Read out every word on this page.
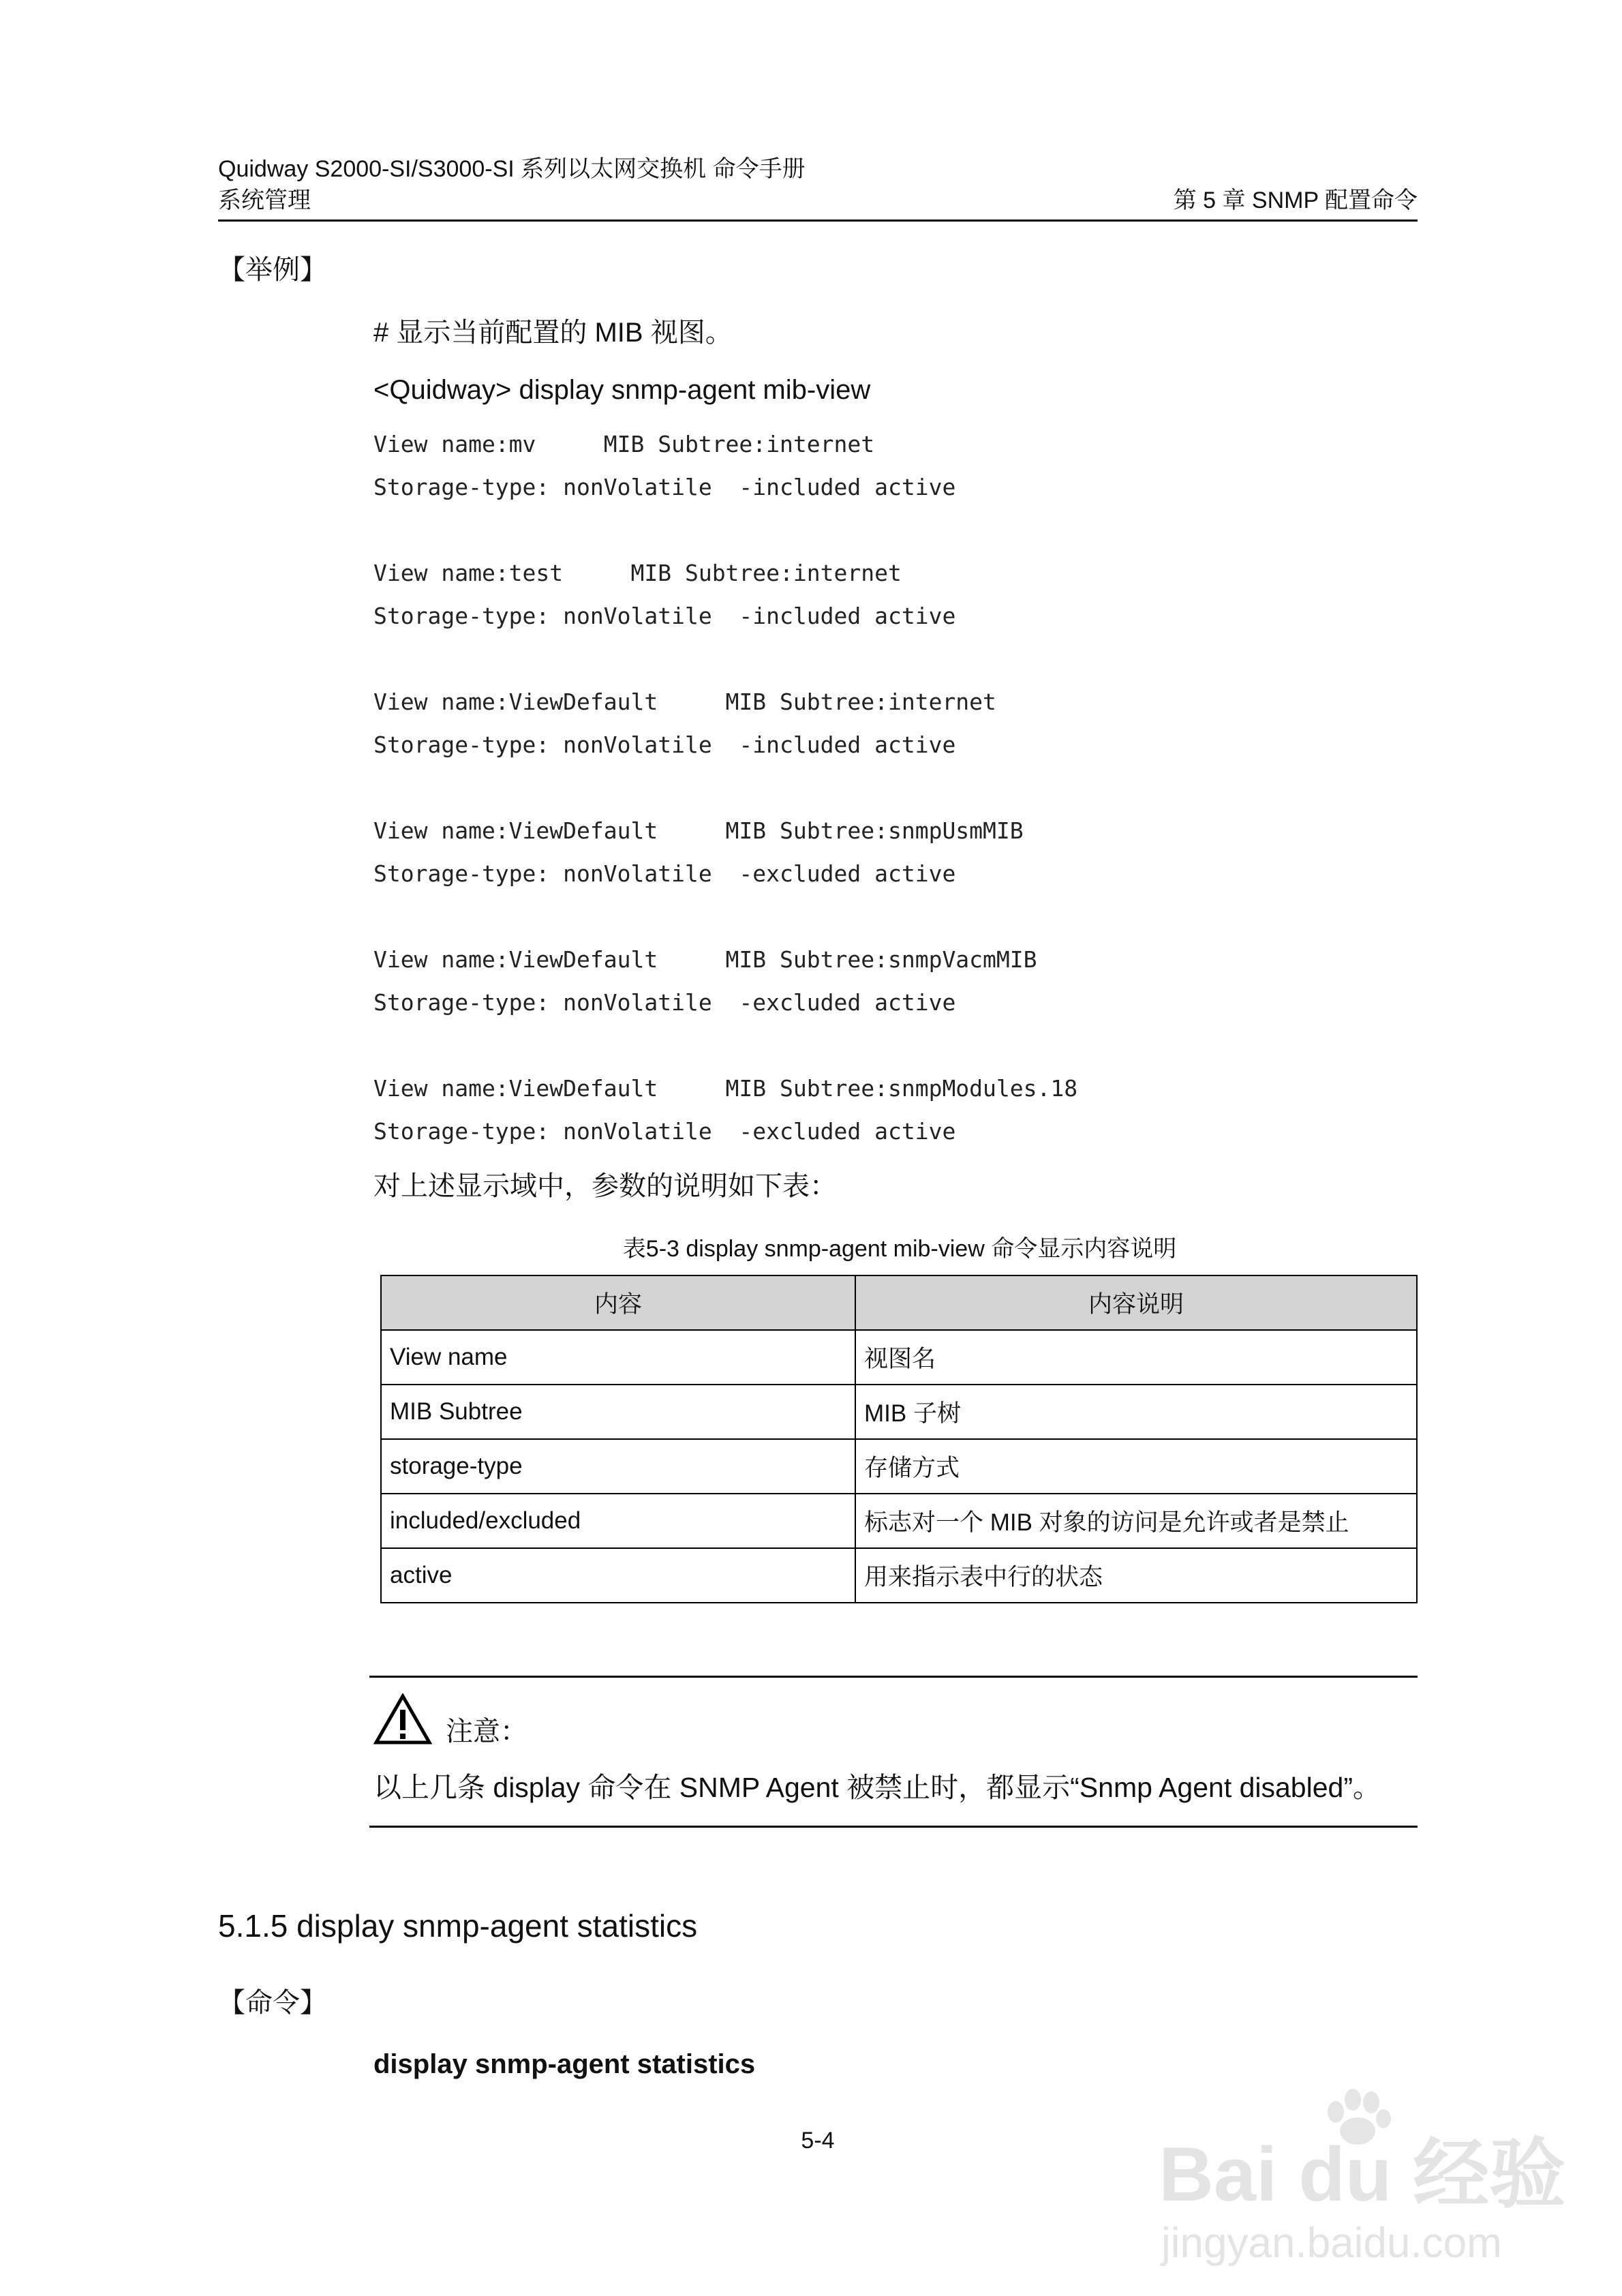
Quidway S2000-SI/S3000-SI 系列以太网交换机 命令手册
系统管理	第 5 章 SNMP 配置命令
【举例】
# 显示当前配置的 MIB 视图。
<Quidway> display snmp-agent mib-view
View name:mv     MIB Subtree:internet
Storage-type: nonVolatile  -included active
View name:test     MIB Subtree:internet
Storage-type: nonVolatile  -included active
View name:ViewDefault     MIB Subtree:internet
Storage-type: nonVolatile  -included active
View name:ViewDefault     MIB Subtree:snmpUsmMIB
Storage-type: nonVolatile  -excluded active
View name:ViewDefault     MIB Subtree:snmpVacmMIB
Storage-type: nonVolatile  -excluded active
View name:ViewDefault     MIB Subtree:snmpModules.18
Storage-type: nonVolatile  -excluded active
对上述显示域中，参数的说明如下表：
表5-3 display snmp-agent mib-view 命令显示内容说明
内容	内容说明
View name	视图名
MIB Subtree	MIB 子树
storage-type	存储方式
included/excluded	标志对一个 MIB 对象的访问是允许或者是禁止
active	用来指示表中行的状态
注意：
以上几条 display 命令在 SNMP Agent 被禁止时，都显示“Snmp Agent disabled”。
5.1.5 display snmp-agent statistics
【命令】
display snmp-agent statistics
5-4	Bai du 经验
jingyan.baidu.com
